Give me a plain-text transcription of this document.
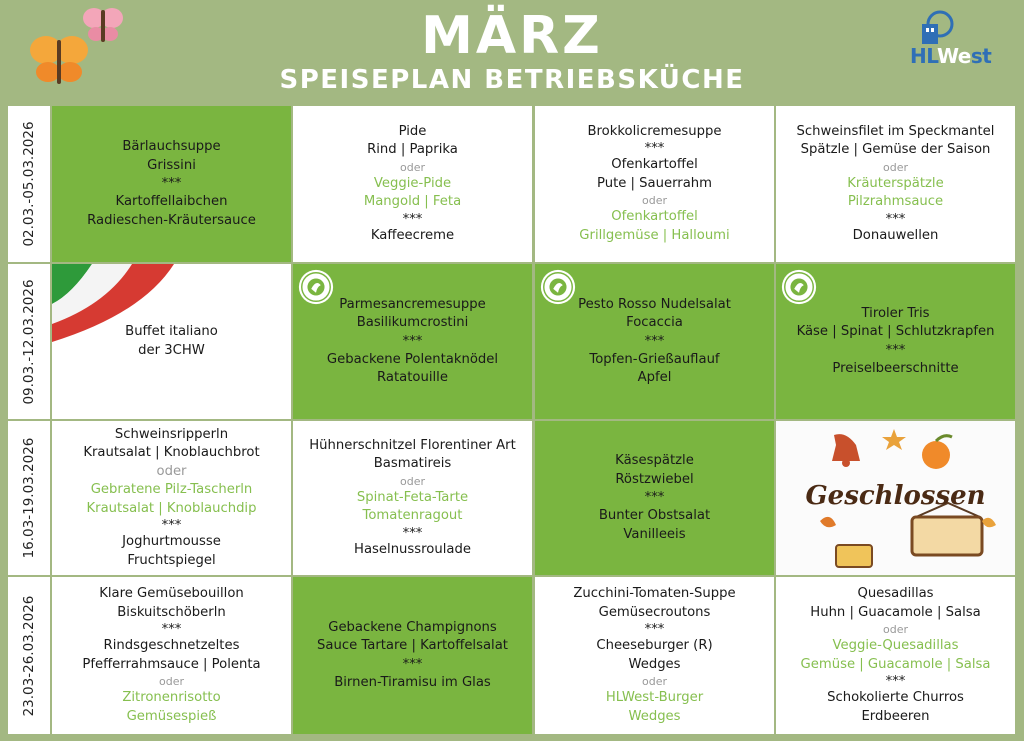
MÄRZ
SPEISEPLAN BETRIEBSKÜCHE
HLWest
02.03.-05.03.2026	Bärlauchsuppe
Grissini
***
Kartoffellaibchen
Radieschen-Kräutersauce
Pide
Rind | Paprika
oder
Veggie-Pide
Mangold | Feta
***
Kaffeecreme
Brokkolicremesuppe
***
Ofenkartoffel
Pute | Sauerrahm
oder
Ofenkartoffel
Grillgemüse | Halloumi
Schweinsfilet im Speckmantel
Spätzle | Gemüse der Saison
oder
Kräuterspätzle
Pilzrahmsauce
***
Donauwellen
09.03.-12.03.2026	Buffet italiano
der 3CHW
Parmesancremesuppe
Basilikumcrostini
***
Gebackene Polentaknödel
Ratatouille
Pesto Rosso Nudelsalat
Focaccia
***
Topfen-Grießauflauf
Apfel
Tiroler Tris
Käse | Spinat | Schlutzkrapfen
***
Preiselbeerschnitte
16.03-19.03.2026
Schweinsripperln
Krautsalat | Knoblauchbrot
oder
Gebratene Pilz-Tascherln
Krautsalat | Knoblauchdip
***
Joghurtmousse
Fruchtspiegel
Hühnerschnitzel Florentiner Art
Basmatireis
oder
Spinat-Feta-Tarte
Tomatenragout
***
Haselnussroulade
Käsespätzle
Röstzwiebel
***
Bunter Obstsalat
Vanilleeis
Geschlossen
23.03-26.03.2026
Klare Gemüsebouillon
Biskuitschöberln
***
Rindsgeschnetzeltes
Pfefferrahmsauce | Polenta
oder
Zitronenrisotto
Gemüsespieß
Gebackene Champignons
Sauce Tartare | Kartoffelsalat
***
Birnen-Tiramisu im Glas
Zucchini-Tomaten-Suppe
Gemüsecroutons
***
Cheeseburger (R)
Wedges
oder
HLWest-Burger
Wedges
Quesadillas
Huhn | Guacamole | Salsa
oder
Veggie-Quesadillas
Gemüse | Guacamole | Salsa
***
Schokolierte Churros
Erdbeeren
